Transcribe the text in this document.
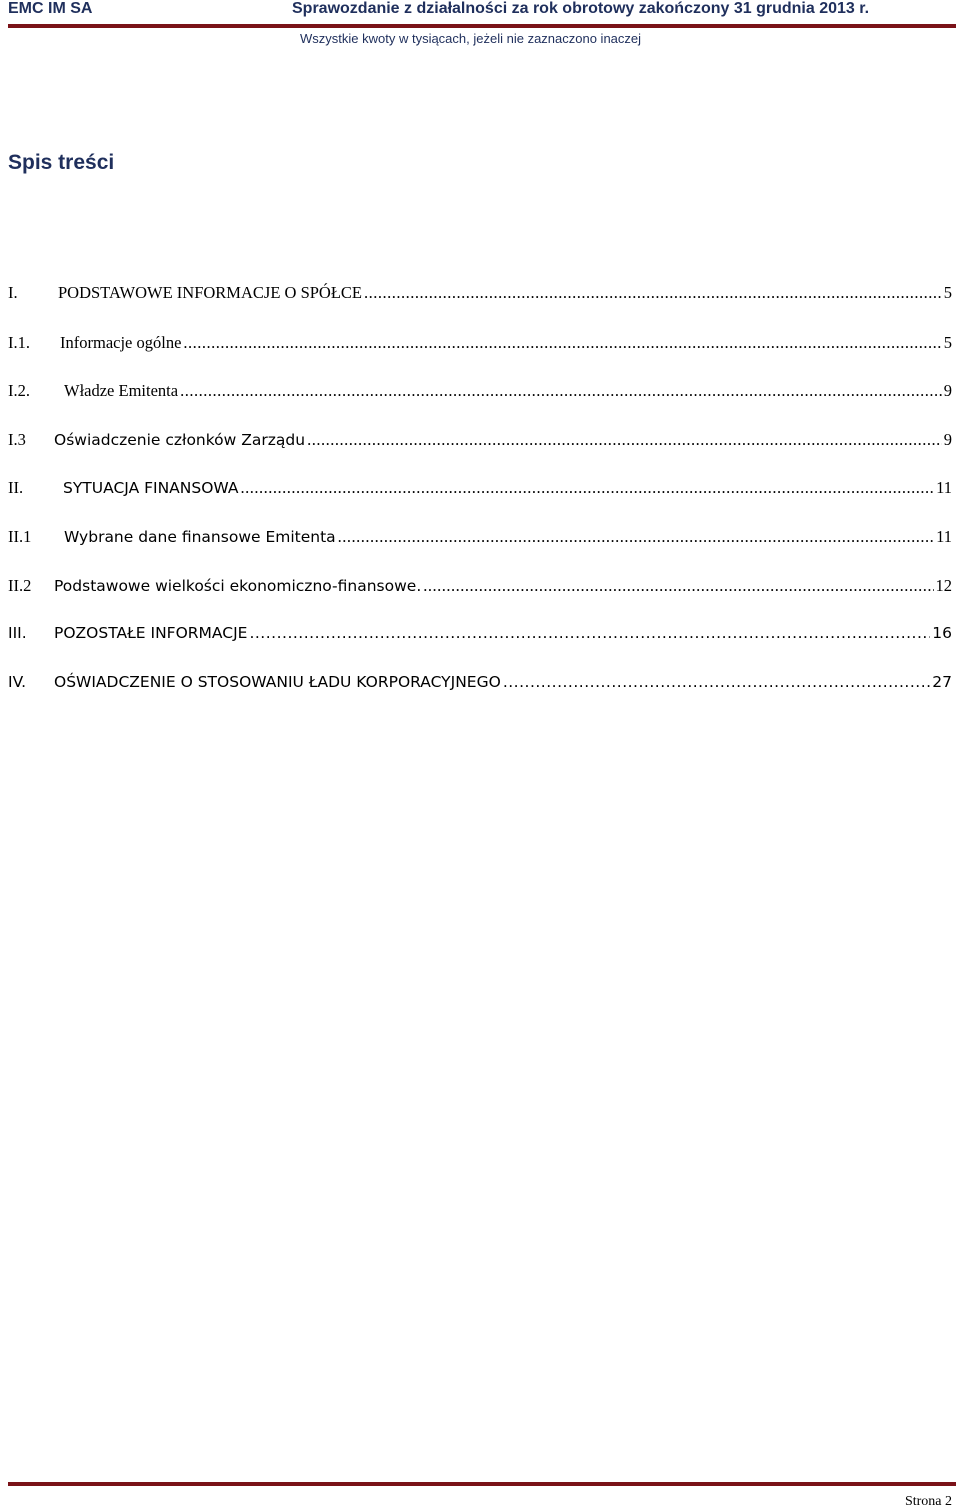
EMC IM SA	Sprawozdanie z działalności za rok obrotowy zakończony 31 grudnia 2013 r.
Wszystkie kwoty w tysiącach, jeżeli nie zaznaczono inaczej
Spis treści
I.	PODSTAWOWE INFORMACJE O SPÓŁCE .....	5
I.1.	Informacje ogólne .....	5
I.2.	Władze Emitenta .....	9
I.3	Oświadczenie członków Zarządu .....	9
II.	SYTUACJA FINANSOWA .....	11
II.1	Wybrane dane finansowe Emitenta .....	11
II.2	Podstawowe wielkości ekonomiczno-finansowe. .....	12
III.	POZOSTAŁE INFORMACJE .....	16
IV.	OŚWIADCZENIE O STOSOWANIU ŁADU KORPORACYJNEGO .....	27
Strona 2
